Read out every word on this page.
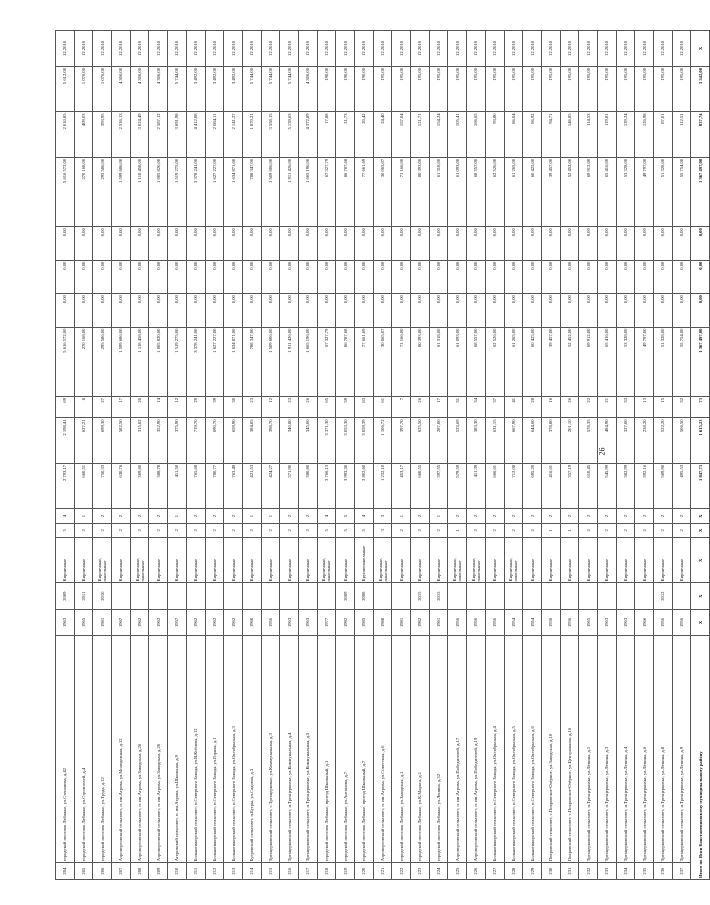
204	городской поселок Лебяжье, ул.Степанова, д.42	1963	2009	Кирпичные	5	4	2 793,17	2 198,41	69	5 616 572,00	0,00	0,00	0,00	5 616 572,00	2 010,85	5 612,00	12.2018
205	городской поселок Лебяжье, ул.Строителей, д.4	1965	2011	Кирпичные	2	1	660,51	627,21	8	270 168,00	0,00	0,00	0,00	270 168,00	409,03	1 076,00	12.2018
206	городской поселок Лебяжье, ул.Труда, д.12	1981	2010	Кирпичные, панельные	2	2	750,33	699,30	27	295 586,00	0,00	0,00	0,00	295 586,00	393,95	1 076,00	12.2018
207	Аэропортовский сельсовет, п. им.Агрова, ул.Молодежная, д.12	1967		Кирпичные	2	2	630,76	582,50	17	1 599 686,00	0,00	0,00	0,00	1 599 686,00	2 536,13	4 306,00	12.2018
208	Аэропортовский сельсовет, п. им.Агрова, ул.Заводская, д.26	1962		Кирпичные, панельные	2	2	369,80	315,82	20	1 118 458,00	0,00	0,00	0,00	1 118 458,00	3 024,49	4 306,00	12.2018
209	Аэропортовский сельсовет, п. им.Агрова, ул.Заводская, д.20	1962		Кирпичные	2	2	388,78	352,90	14	1 005 820,00	0,00	0,00	0,00	1 005 820,00	2 587,12	4 306,00	12.2018
210	Агеровский сельсовет, п. им.Агрова, ул.Школьная, д.9	1957		Кирпичные	2	1	411,50	375,90	12	1 519 275,00	0,00	0,00	0,00	1 519 275,00	3 691,98	5 744,00	12.2018
211	Большеижорский сельсовет, п.Северного Завода, ул.В.Ксёнова, д.12	1962		Кирпичные	2	2	765,68	719,70	29	3 378 241,00	0,00	0,00	0,00	3 378 241,00	4 412,08	3 492,00	12.2018
212	Большеижорский сельсовет, п.Северного Завода, ул.Горная, д.1	1962		Кирпичные	2	2	780,77	690,70	39	1 627 227,00	0,00	0,00	0,00	1 627 227,00	2 084,11	3 492,00	12.2018
213	Большеижорский сельсовет, п.Северного Завода, ул.Октябрьская, д.3	1962		Кирпичные	2	2	763,49	659,90	30	1 634 871,00	0,00	0,00	0,00	1 634 871,00	2 141,27	3 492,00	12.2018
214	Бугровский сельсовет, п.Бугры, ул.Садовая, д.3	1960		Кирпичные	2	1	421,53	384,05	23	788 347,00	0,00	0,00	0,00	788 347,00	1 870,21	5 744,00	12.2018
215	Трехцерковский сельсовет, с.Трехцерковье, ул.Коммунальная, д.3	1956		Кирпичные	2	1	424,27	398,70	12	1 509 606,00	0,00	0,00	0,00	1 509 606,00	3 558,15	5 744,00	12.2018
216	Трехцерковский сельсовет, п.Трехцерковье, ул.Коммунальная, д.4	1963		Кирпичные	2	2	371,90	340,80	23	1 911 426,00	0,00	0,00	0,00	1 911 426,00	5 139,63	5 744,00	12.2018
217	Трехцерковский сельсовет, п.Трехцерковье, ул.Коммунальная, д.5	1963		Кирпичные	2	2	380,80	345,00	26	1 665 196,00	0,00	0,00	0,00	1 665 196,00	4 372,89	4 306,00	12.2018
218	городской поселок Лебяжье, проезд Школьный, д.1	1977		Кирпичные, панельные	5	4	3 766,13	3 371,30	65	67 327,79	0,00	0,00	0,00	67 327,79	17,88	190,00	12.2018
219	городской поселок Лебяжье, ул.Антонова, д.7	1992	2009	Кирпичные	5	5	3 993,30	3 053,30	59	86 787,68	0,00	0,00	0,00	86 787,68	21,73	190,00	12.2018
220	городской поселок Лебяжье, проезд Школьный, д.7	1985	2008	Крупнопанельные	5	4	3 802,60	3 059,39	83	77 661,69	0,00	0,00	0,00	77 661,69	20,42	190,00	12.2018
221	Аэропортовский сельсовет, п. им.Агрова, ул.Советская, д.6	1988		Кирпичные, панельные	3	3	1 232,10	1 106,72	61	30 065,07	0,00	0,00	0,00	30 065,07	24,40	195,00	12.2018
222	городской поселок Лебяжье, ул.Заводская, д.1	1981		Кирпичные	2	1	453,17	397,70	7	71 166,00	0,00	0,00	0,00	71 166,00	157,04	195,00	12.2018
223	городской поселок Лебяжье, ул.К.Маркса, д.1	1982	2015	Кирпичные	2	2	660,55	625,50	26	80 393,00	0,00	0,00	0,00	80 393,00	121,71	195,00	12.2018
224	городской поселок Лебяжье, ул.Ленина, д.32	1961	2015	Кирпичные	2	1	397,55	287,00	17	61 318,00	0,00	0,00	0,00	61 318,00	154,24	195,00	12.2018
225	Аэропортовский сельсовет, п. им.Агрова, ул.Победителей, д.17	1956		Кирпичные, панельные	1	2	579,59	523,69	31	61 093,00	0,00	0,00	0,00	61 093,00	105,41	195,00	12.2018
226	Аэропортовский сельсовет, п. им.Агрова, ул.Победителей, д.19	1956		Кирпичные, панельные	2	2	411,39	383,30	34	68 557,00	0,00	0,00	0,00	68 557,00	166,65	195,00	12.2018
227	Большеижорский сельсовет, п.Северного Завода, ул.Октябрьская, д.4	1956		Кирпичные	2	2	666,61	631,15	37	62 526,00	0,00	0,00	0,00	62 526,00	93,80	195,00	12.2018
228	Большеижорский сельсовет, п.Северного Завода, ул.Октябрьская, д.5	1954		Кирпичные, панельные	2	2	712,08	667,90	41	61 265,00	0,00	0,00	0,00	61 265,00	86,04	195,00	12.2018
229	Большеижорский сельсовет, п.Северного Завода, ул.Октябрьская, д.6	1954		Кирпичные	2	2	695,20	644,60	28	60 425,00	0,00	0,00	0,00	60 425,00	86,92	195,00	12.2018
230	Покровский сельсовет, с.Покровское-Озёрное, ул.Заводская, д.10	1936		Кирпичные	1	2	416,61	378,80	16	39 457,00	0,00	0,00	0,00	39 457,00	94,71	195,00	12.2018
231	Покровский сельсовет, с.Покровское-Озёрное, ул.Центральная, д.16	1936		Кирпичные	1	2	357,19	201,10	26	52 452,00	0,00	0,00	0,00	52 452,00	146,85	195,00	12.2018
232	Трехцерковский сельсовет, п.Трехцерковье, ул.Ленина, д.1	1965		Кирпичные	2	2	610,45	578,35	22	69 912,00	0,00	0,00	0,00	69 912,00	114,53	195,00	12.2018
233	Трехцерковский сельсовет, п.Трехцерковье, ул.Ленина, д.3	1963		Кирпичные	2	2	545,99	484,90	21	65 416,00	0,00	0,00	0,00	65 416,00	119,81	195,00	12.2018
234	Трехцерковский сельсовет, п.Трехцерковье, ул.Ленина, д.4	1963		Кирпичные	2	2	382,99	327,00	33	53 328,00	0,00	0,00	0,00	53 328,00	139,24	195,00	12.2018
235	Трехцерковский сельсовет, п.Трехцерковье, ул.Ленина, д.6	1966		Кирпичные	2	2	392,16	238,20	13	49 797,00	0,00	0,00	0,00	49 797,00	126,98	195,00	12.2018
236	Трехцерковский сельсовет, п.Трехцерковье, ул.Ленина, д.8	1956	2012	Кирпичные	2	2	589,90	522,20	15	51 328,00	0,00	0,00	0,00	51 328,00	87,01	195,00	12.2018
237	Трехцерковский сельсовет, п.Трехцерковье, ул.Ленина, д.9	1956		Кирпичные	2	2	495,53	506,50	32	55 754,00	0,00	0,00	0,00	55 754,00	112,51	195,00	12.2018
Итого по Ясин Константиновскому муниципальному району		X	X	X	X	X	1 847,73	1 615,23	73	1 367 497,00	0,00	0,00	0,00	1 367 497,00	837,74	3 342,00	X
26
